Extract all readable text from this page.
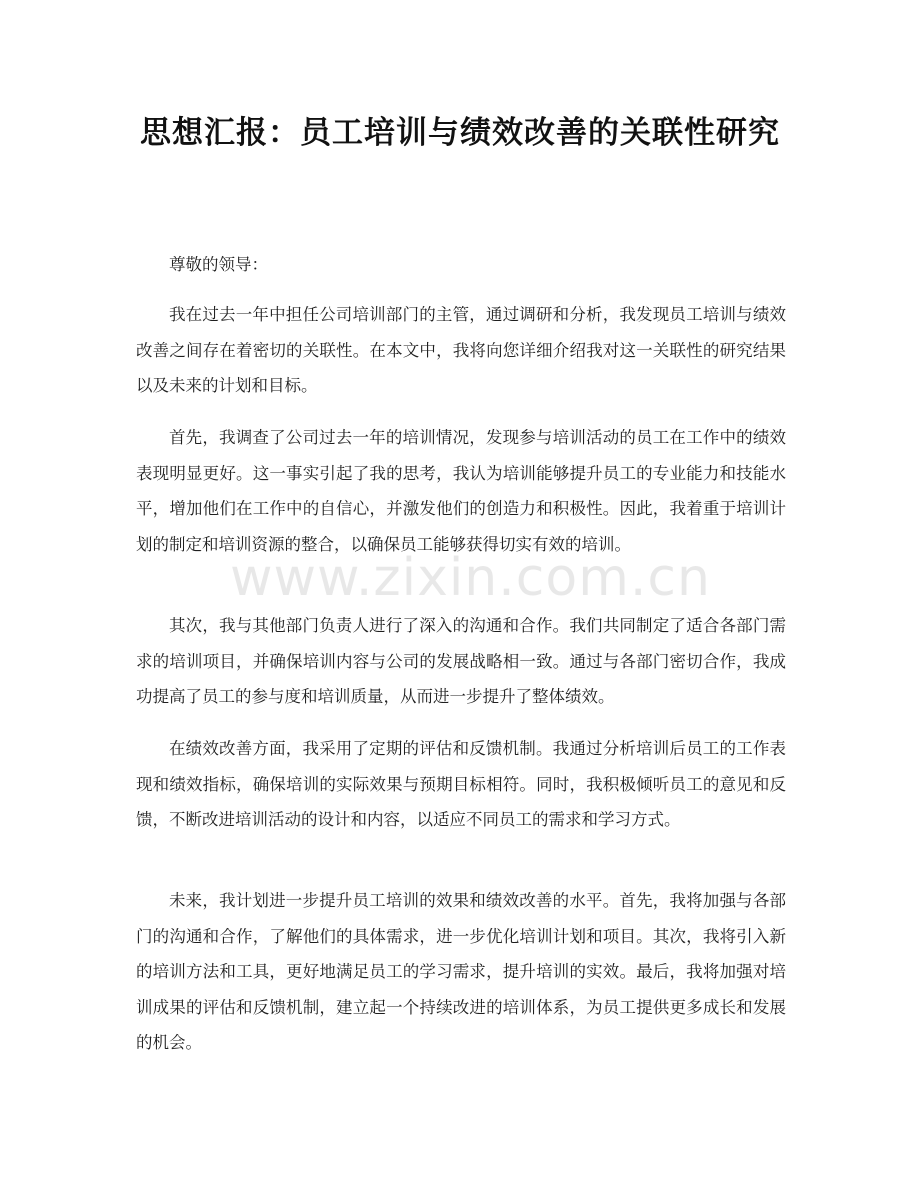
思想汇报：员工培训与绩效改善的关联性研究

尊敬的领导：

我在过去一年中担任公司培训部门的主管，通过调研和分析，我发现员工培训与绩效改善之间存在着密切的关联性。在本文中，我将向您详细介绍我对这一关联性的研究结果以及未来的计划和目标。

首先，我调查了公司过去一年的培训情况，发现参与培训活动的员工在工作中的绩效表现明显更好。这一事实引起了我的思考，我认为培训能够提升员工的专业能力和技能水平，增加他们在工作中的自信心，并激发他们的创造力和积极性。因此，我着重于培训计划的制定和培训资源的整合，以确保员工能够获得切实有效的培训。

其次，我与其他部门负责人进行了深入的沟通和合作。我们共同制定了适合各部门需求的培训项目，并确保培训内容与公司的发展战略相一致。通过与各部门密切合作，我成功提高了员工的参与度和培训质量，从而进一步提升了整体绩效。

在绩效改善方面，我采用了定期的评估和反馈机制。我通过分析培训后员工的工作表现和绩效指标，确保培训的实际效果与预期目标相符。同时，我积极倾听员工的意见和反馈，不断改进培训活动的设计和内容，以适应不同员工的需求和学习方式。

未来，我计划进一步提升员工培训的效果和绩效改善的水平。首先，我将加强与各部门的沟通和合作，了解他们的具体需求，进一步优化培训计划和项目。其次，我将引入新的培训方法和工具，更好地满足员工的学习需求，提升培训的实效。最后，我将加强对培训成果的评估和反馈机制，建立起一个持续改进的培训体系，为员工提供更多成长和发展的机会。

www.zixin.com.cn
